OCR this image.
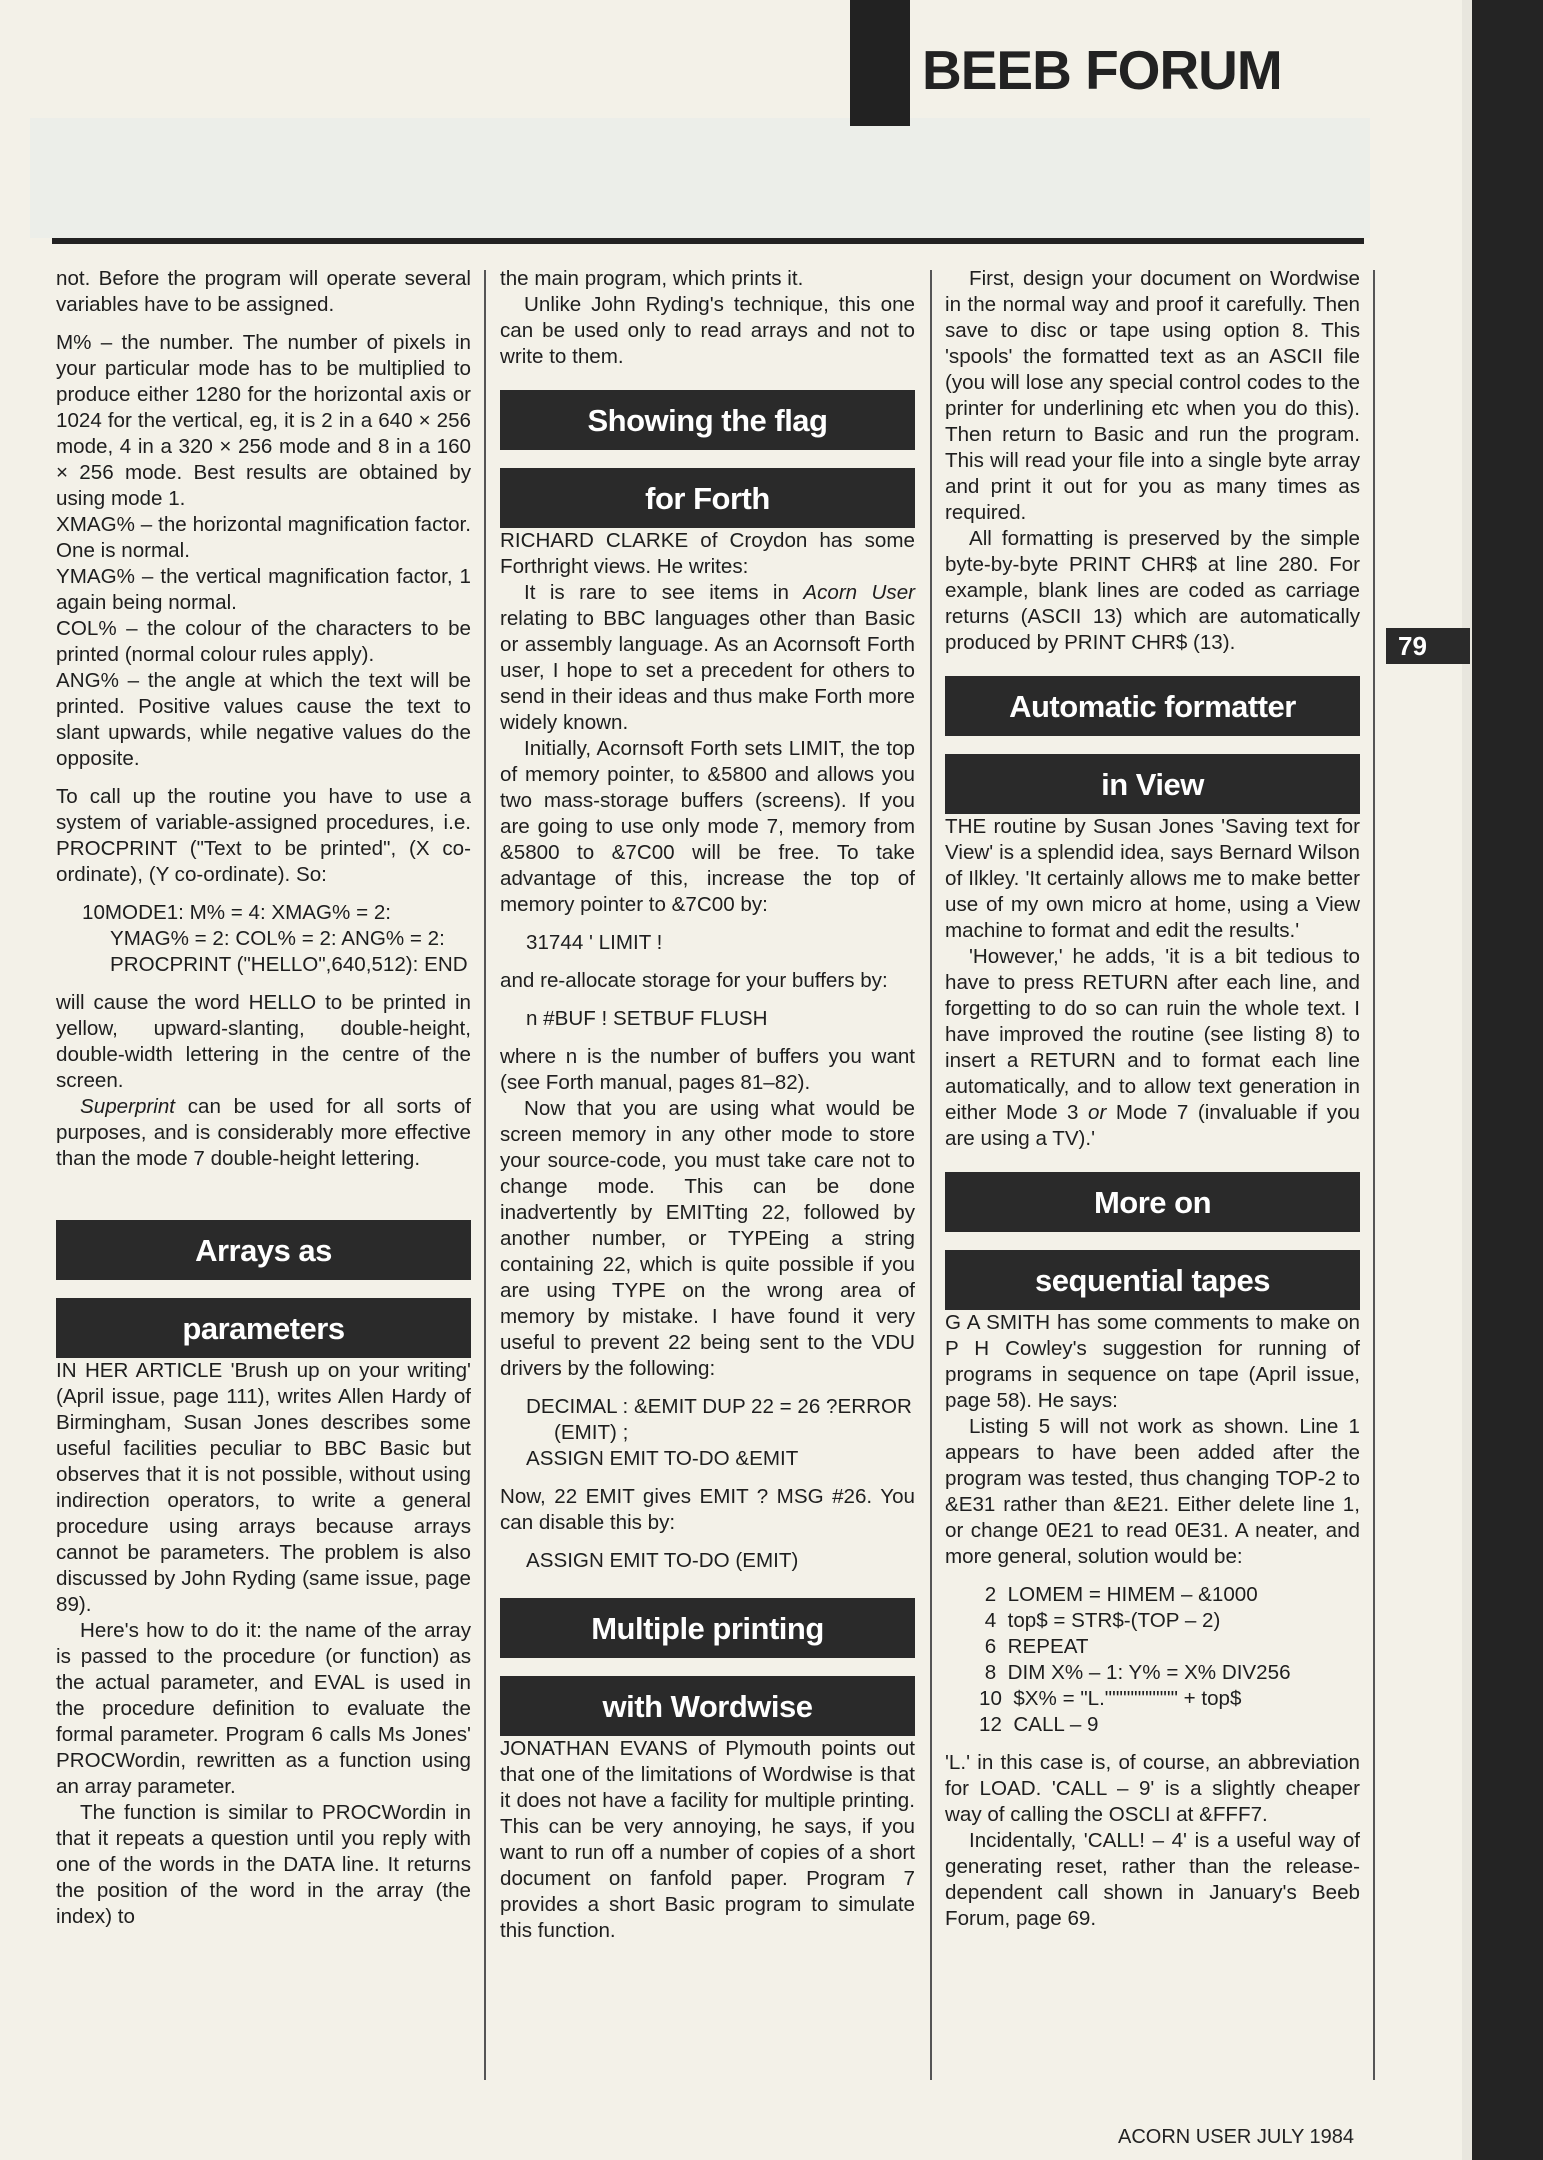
BEEB FORUM
79

not. Before the program will operate several variables have to be assigned.

M% – the number. The number of pixels in your particular mode has to be multiplied to produce either 1280 for the horizontal axis or 1024 for the vertical, eg, it is 2 in a 640 × 256 mode, 4 in a 320 × 256 mode and 8 in a 160 × 256 mode. Best results are obtained by using mode 1.

XMAG% – the horizontal magnification factor. One is normal.

YMAG% – the vertical magnification factor, 1 again being normal.

COL% – the colour of the characters to be printed (normal colour rules apply).

ANG% – the angle at which the text will be printed. Positive values cause the text to slant upwards, while negative values do the opposite.

To call up the routine you have to use a system of variable-assigned procedures, i.e. PROCPRINT ("Text to be printed", (X co-ordinate), (Y co-ordinate). So:

10MODE1: M% = 4: XMAG% = 2: YMAG% = 2: COL% = 2: ANG% = 2: PROCPRINT ("HELLO",640,512): END

will cause the word HELLO to be printed in yellow, upward-slanting, double-height, double-width lettering in the centre of the screen.

Superprint can be used for all sorts of purposes, and is considerably more effective than the mode 7 double-height lettering.

Arrays as
parameters

IN HER ARTICLE 'Brush up on your writing' (April issue, page 111), writes Allen Hardy of Birmingham, Susan Jones describes some useful facilities peculiar to BBC Basic but observes that it is not possible, without using indirection operators, to write a general procedure using arrays because arrays cannot be parameters. The problem is also discussed by John Ryding (same issue, page 89).

Here's how to do it: the name of the array is passed to the procedure (or function) as the actual parameter, and EVAL is used in the procedure definition to evaluate the formal parameter. Program 6 calls Ms Jones' PROCWordin, rewritten as a function using an array parameter.

The function is similar to PROCWordin in that it repeats a question until you reply with one of the words in the DATA line. It returns the position of the word in the array (the index) to

the main program, which prints it.

Unlike John Ryding's technique, this one can be used only to read arrays and not to write to them.

Showing the flag
for Forth

RICHARD CLARKE of Croydon has some Forthright views. He writes:

It is rare to see items in Acorn User relating to BBC languages other than Basic or assembly language. As an Acornsoft Forth user, I hope to set a precedent for others to send in their ideas and thus make Forth more widely known.

Initially, Acornsoft Forth sets LIMIT, the top of memory pointer, to &5800 and allows you two mass-storage buffers (screens). If you are going to use only mode 7, memory from &5800 to &7C00 will be free. To take advantage of this, increase the top of memory pointer to &7C00 by:

31744 ' LIMIT !

and re-allocate storage for your buffers by:

n #BUF ! SETBUF FLUSH

where n is the number of buffers you want (see Forth manual, pages 81–82).

Now that you are using what would be screen memory in any other mode to store your source-code, you must take care not to change mode. This can be done inadvertently by EMITting 22, followed by another number, or TYPEing a string containing 22, which is quite possible if you are using TYPE on the wrong area of memory by mistake. I have found it very useful to prevent 22 being sent to the VDU drivers by the following:

DECIMAL : &EMIT DUP 22 = 26 ?ERROR (EMIT) ;

ASSIGN EMIT TO-DO &EMIT

Now, 22 EMIT gives EMIT ? MSG #26. You can disable this by:

ASSIGN EMIT TO-DO (EMIT)

Multiple printing
with Wordwise

JONATHAN EVANS of Plymouth points out that one of the limitations of Wordwise is that it does not have a facility for multiple printing. This can be very annoying, he says, if you want to run off a number of copies of a short document on fanfold paper. Program 7 provides a short Basic program to simulate this function.

First, design your document on Wordwise in the normal way and proof it carefully. Then save to disc or tape using option 8. This 'spools' the formatted text as an ASCII file (you will lose any special control codes to the printer for underlining etc when you do this). Then return to Basic and run the program. This will read your file into a single byte array and print it out for you as many times as required.

All formatting is preserved by the simple byte-by-byte PRINT CHR$ at line 280. For example, blank lines are coded as carriage returns (ASCII 13) which are automatically produced by PRINT CHR$ (13).

Automatic formatter
in View

THE routine by Susan Jones 'Saving text for View' is a splendid idea, says Bernard Wilson of Ilkley. 'It certainly allows me to make better use of my own micro at home, using a View machine to format and edit the results.'

'However,' he adds, 'it is a bit tedious to have to press RETURN after each line, and forgetting to do so can ruin the whole text. I have improved the routine (see listing 8) to insert a RETURN and to format each line automatically, and to allow text generation in either Mode 3 or Mode 7 (invaluable if you are using a TV).'

More on
sequential tapes

G A SMITH has some comments to make on P H Cowley's suggestion for running of programs in sequence on tape (April issue, page 58). He says:

Listing 5 will not work as shown. Line 1 appears to have been added after the program was tested, thus changing TOP-2 to &E31 rather than &E21. Either delete line 1, or change 0E21 to read 0E31. A neater, and more general, solution would be:

2  LOMEM = HIMEM – &1000
4  top$ = STR$-(TOP – 2)
6  REPEAT
8  DIM X% – 1: Y% = X% DIV256
10  $X% = "L."""""""""" + top$
12  CALL – 9

'L.' in this case is, of course, an abbreviation for LOAD. 'CALL – 9' is a slightly cheaper way of calling the OSCLI at &FFF7.

Incidentally, 'CALL! – 4' is a useful way of generating reset, rather than the release-dependent call shown in January's Beeb Forum, page 69.

ACORN USER JULY 1984
